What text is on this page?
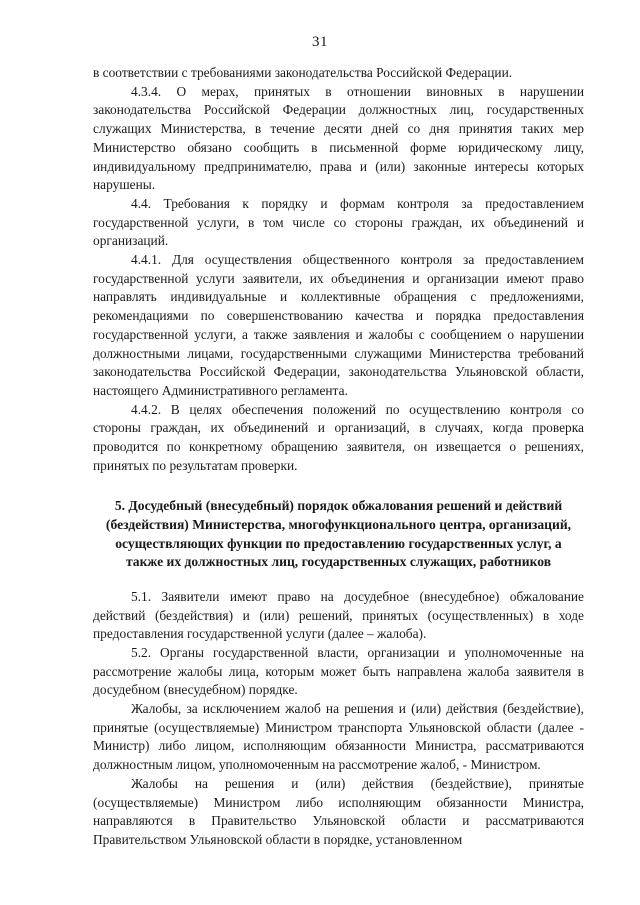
31

в соответствии с требованиями законодательства Российской Федерации.

4.3.4. О мерах, принятых в отношении виновных в нарушении законодательства Российской Федерации должностных лиц, государственных служащих Министерства, в течение десяти дней со дня принятия таких мер Министерство обязано сообщить в письменной форме юридическому лицу, индивидуальному предпринимателю, права и (или) законные интересы которых нарушены.

4.4. Требования к порядку и формам контроля за предоставлением государственной услуги, в том числе со стороны граждан, их объединений и организаций.

4.4.1. Для осуществления общественного контроля за предоставлением государственной услуги заявители, их объединения и организации имеют право направлять индивидуальные и коллективные обращения с предложениями, рекомендациями по совершенствованию качества и порядка предоставления государственной услуги, а также заявления и жалобы с сообщением о нарушении должностными лицами, государственными служащими Министерства требований законодательства Российской Федерации, законодательства Ульяновской области, настоящего Административного регламента.

4.4.2. В целях обеспечения положений по осуществлению контроля со стороны граждан, их объединений и организаций, в случаях, когда проверка проводится по конкретному обращению заявителя, он извещается о решениях, принятых по результатам проверки.

5. Досудебный (внесудебный) порядок обжалования решений и действий (бездействия) Министерства, многофункционального центра, организаций, осуществляющих функции по предоставлению государственных услуг, а также их должностных лиц, государственных служащих, работников

5.1. Заявители имеют право на досудебное (внесудебное) обжалование действий (бездействия) и (или) решений, принятых (осуществленных) в ходе предоставления государственной услуги (далее – жалоба).

5.2. Органы государственной власти, организации и уполномоченные на рассмотрение жалобы лица, которым может быть направлена жалоба заявителя в досудебном (внесудебном) порядке.

Жалобы, за исключением жалоб на решения и (или) действия (бездействие), принятые (осуществляемые) Министром транспорта Ульяновской области (далее - Министр) либо лицом, исполняющим обязанности Министра, рассматриваются должностным лицом, уполномоченным на рассмотрение жалоб, - Министром.

Жалобы на решения и (или) действия (бездействие), принятые (осуществляемые) Министром либо исполняющим обязанности Министра, направляются в Правительство Ульяновской области и рассматриваются Правительством Ульяновской области в порядке, установленном
